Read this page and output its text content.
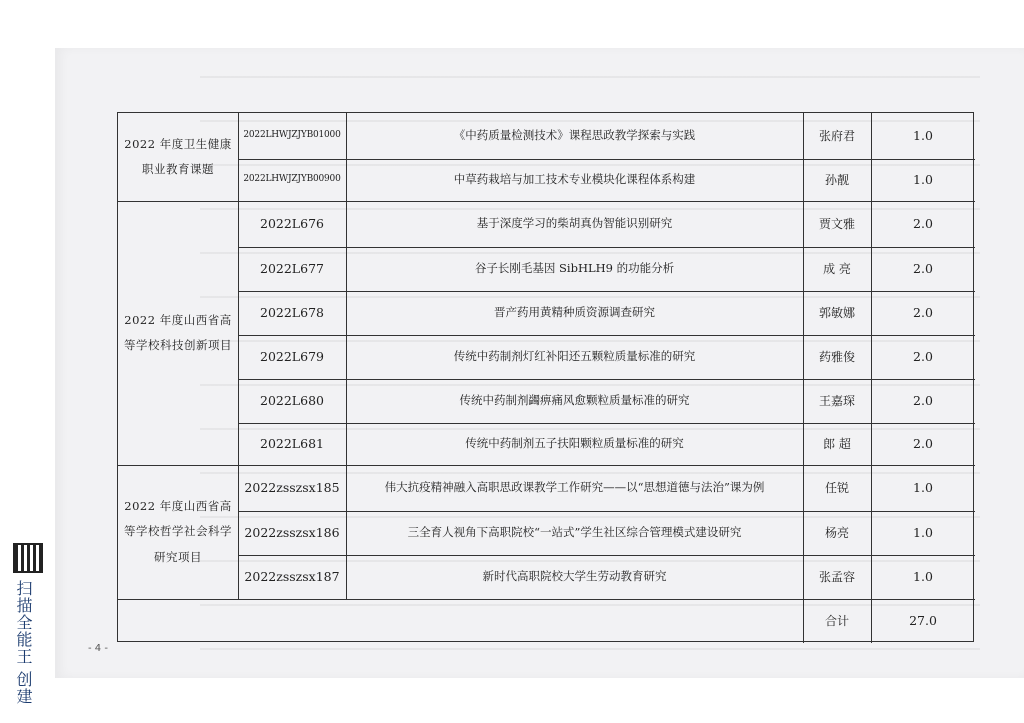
2022 年度卫生健康职业教育课题
2022 年度山西省高等学校科技创新项目
2022 年度山西省高等学校哲学社会科学研究项目
2022LHWJZJYB01000	《中药质量检测技术》课程思政教学探索与实践	张府君	1.0
2022LHWJZJYB00900	中草药栽培与加工技术专业模块化课程体系构建	孙靓	1.0
2022L676	基于深度学习的柴胡真伪智能识别研究	贾文雅	2.0
2022L677	谷子长刚毛基因 SibHLH9 的功能分析	成 亮	2.0
2022L678	晋产药用黄精种质资源调查研究	郭敏娜	2.0
2022L679	传统中药制剂灯红补阳还五颗粒质量标准的研究	药雅俊	2.0
2022L680	传统中药制剂蠲痹痛风愈颗粒质量标准的研究	王嘉琛	2.0
2022L681	传统中药制剂五子扶阳颗粒质量标准的研究	郎 超	2.0
2022zsszsx185	伟大抗疫精神融入高职思政课教学工作研究——以“思想道德与法治”课为例	任锐	1.0
2022zsszsx186	三全育人视角下高职院校“一站式”学生社区综合管理模式建设研究	杨亮	1.0
2022zsszsx187	新时代高职院校大学生劳动教育研究	张孟容	1.0
合计	27.0
- 4 -
扫描全能王 创建
